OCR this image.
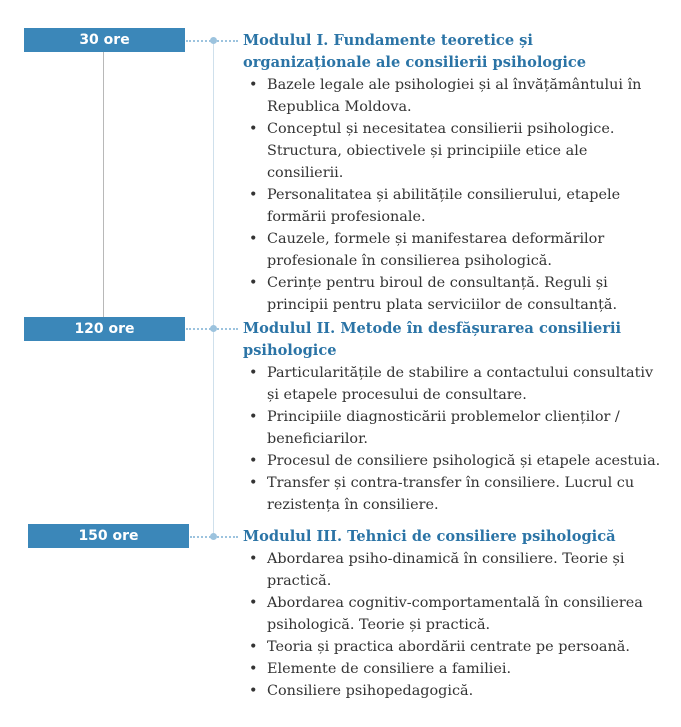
30 ore	Modulul I. Fundamente teoretice și organizaționale ale consilierii psihologice

• Bazele legale ale psihologiei și al învățământului în Republica Moldova.
• Conceptul și necesitatea consilierii psihologice. Structura, obiectivele și principiile etice ale consilierii.
• Personalitatea și abilitățile consilierului, etapele formării profesionale.
• Cauzele, formele și manifestarea deformărilor profesionale în consilierea psihologică.
• Cerințe pentru biroul de consultanță. Reguli și principii pentru plata serviciilor de consultanță.
120 ore	Modulul II. Metode în desfășurarea consilierii psihologice

• Particularitățile de stabilire a contactului consultativ și etapele procesului de consultare.
• Principiile diagnosticării problemelor clienților / beneficiarilor.
• Procesul de consiliere psihologică și etapele acestuia.
• Transfer și contra-transfer în consiliere. Lucrul cu rezistența în consiliere.
150 ore	Modulul III. Tehnici de consiliere psihologică

• Abordarea psiho-dinamică în consiliere. Teorie și practică.
• Abordarea cognitiv-comportamentală în consilierea psihologică. Teorie și practică.
• Teoria și practica abordării centrate pe persoană.
• Elemente de consiliere a familiei.
• Consiliere psihopedagogică.
